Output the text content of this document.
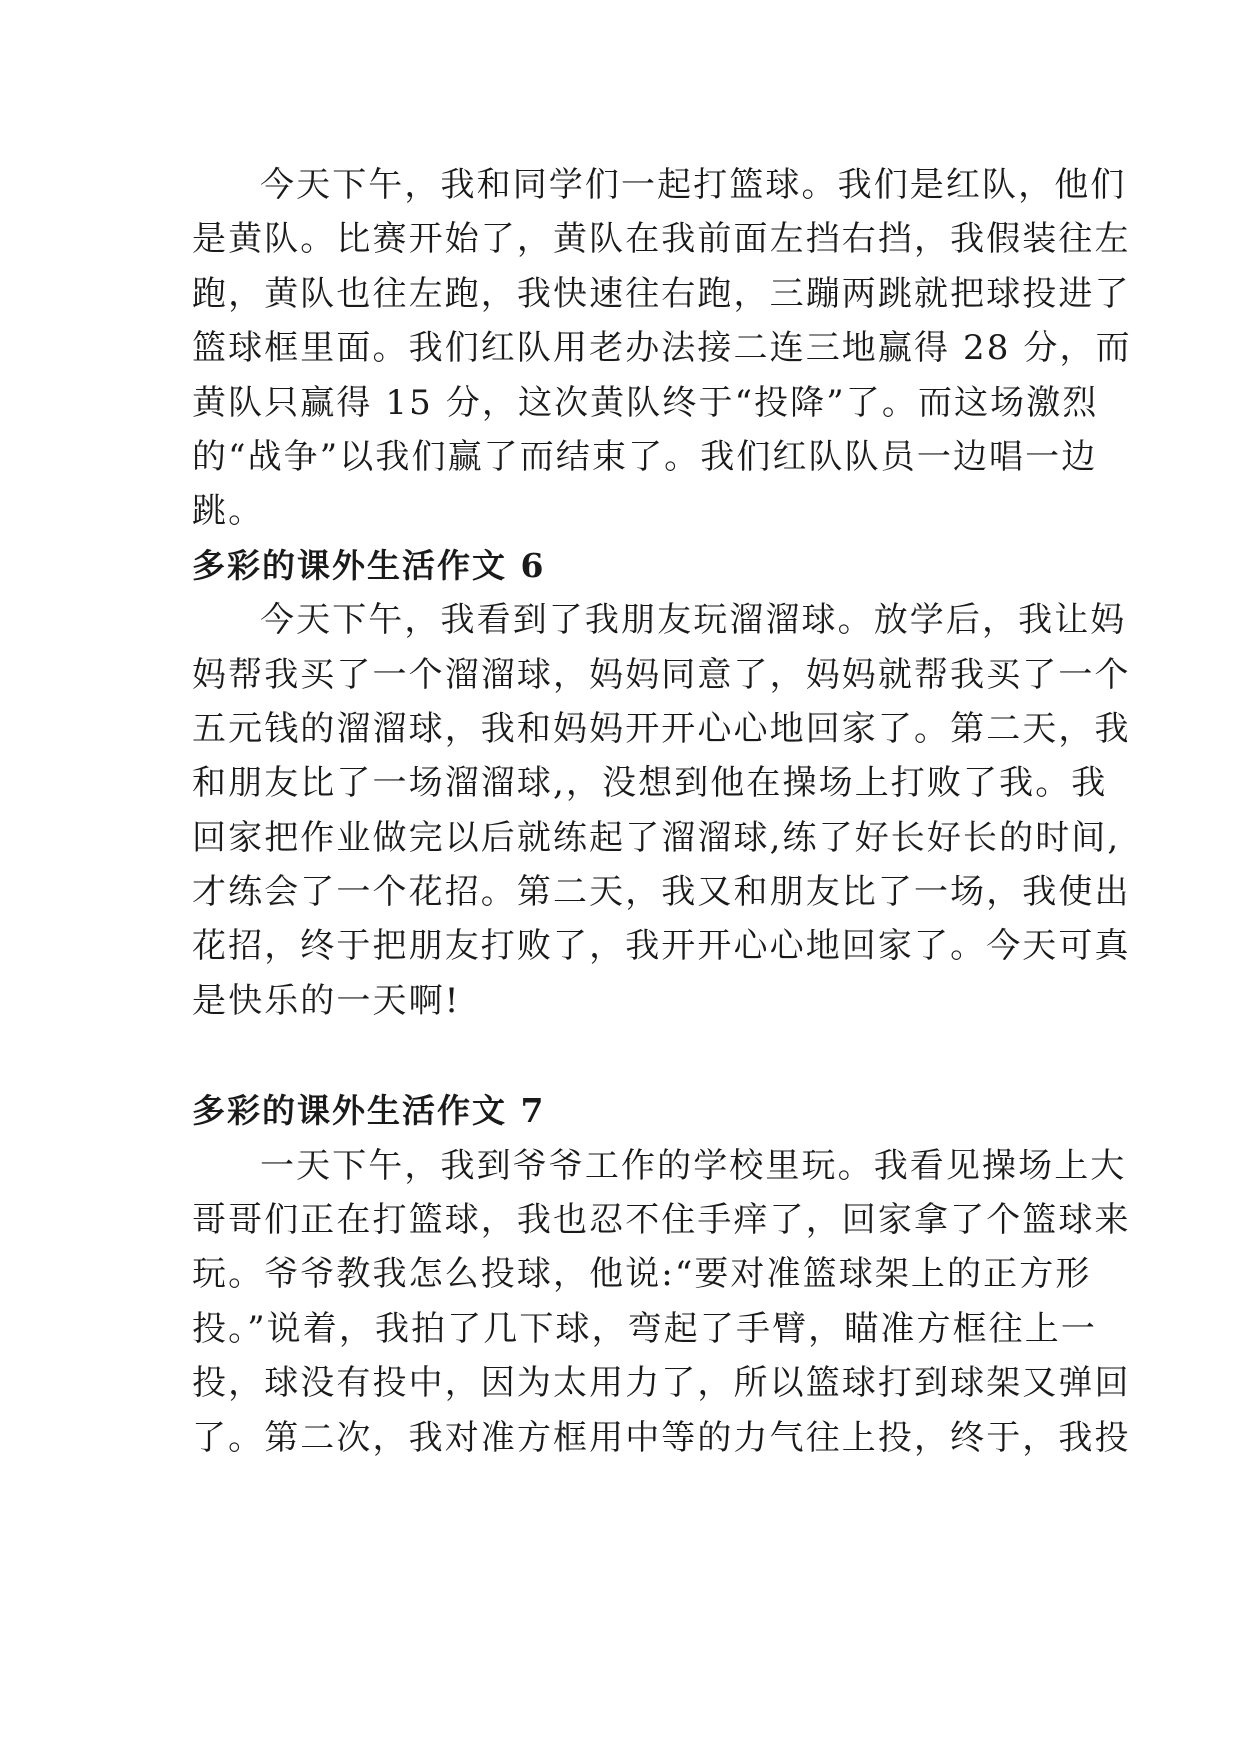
今天下午，我和同学们一起打篮球。我们是红队，他们
是黄队。比赛开始了，黄队在我前面左挡右挡，我假装往左
跑，黄队也往左跑，我快速往右跑，三蹦两跳就把球投进了
篮球框里面。我们红队用老办法接二连三地赢得 28 分，而
黄队只赢得 15 分，这次黄队终于“投降”了。而这场激烈
的“战争”以我们赢了而结束了。我们红队队员一边唱一边
跳。
多彩的课外生活作文 6
今天下午，我看到了我朋友玩溜溜球。放学后，我让妈
妈帮我买了一个溜溜球，妈妈同意了，妈妈就帮我买了一个
五元钱的溜溜球，我和妈妈开开心心地回家了。第二天，我
和朋友比了一场溜溜球,，没想到他在操场上打败了我。我
回家把作业做完以后就练起了溜溜球,练了好长好长的时间,
才练会了一个花招。第二天，我又和朋友比了一场，我使出
花招，终于把朋友打败了，我开开心心地回家了。今天可真
是快乐的一天啊!
多彩的课外生活作文 7
一天下午，我到爷爷工作的学校里玩。我看见操场上大
哥哥们正在打篮球，我也忍不住手痒了，回家拿了个篮球来
玩。爷爷教我怎么投球，他说:“要对准篮球架上的正方形
投。”说着，我拍了几下球，弯起了手臂，瞄准方框往上一
投，球没有投中，因为太用力了，所以篮球打到球架又弹回
了。第二次，我对准方框用中等的力气往上投，终于，我投
